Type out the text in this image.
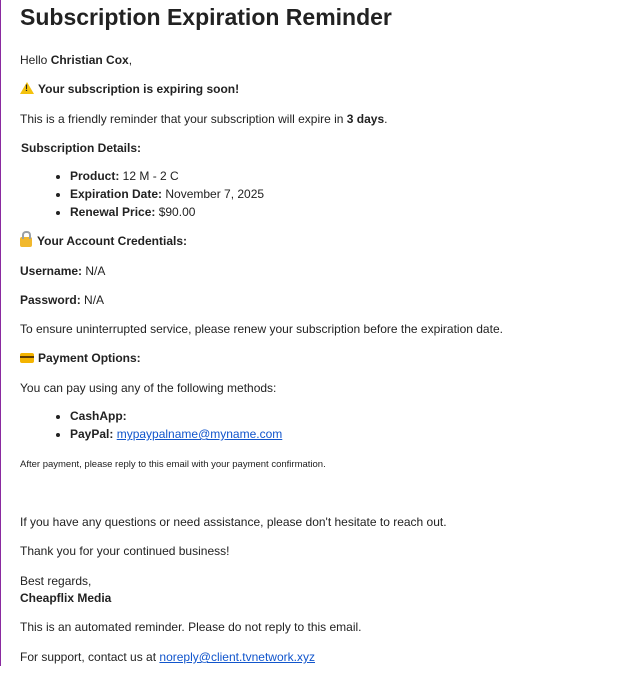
Subscription Expiration Reminder
Hello Christian Cox,
!Your subscription is expiring soon!
This is a friendly reminder that your subscription will expire in 3 days.
Subscription Details:
• Product: 12 M - 2 C
• Expiration Date: November 7, 2025
• Renewal Price: $90.00
Your Account Credentials:
Username: N/A
Password: N/A
To ensure uninterrupted service, please renew your subscription before the expiration date.
Payment Options:
You can pay using any of the following methods:
• CashApp:
• PayPal: mypaypalname@myname.com
After payment, please reply to this email with your payment confirmation.
If you have any questions or need assistance, please don't hesitate to reach out.
Thank you for your continued business!
Best regards,
Cheapflix Media
This is an automated reminder. Please do not reply to this email.
For support, contact us at noreply@client.tvnetwork.xyz
